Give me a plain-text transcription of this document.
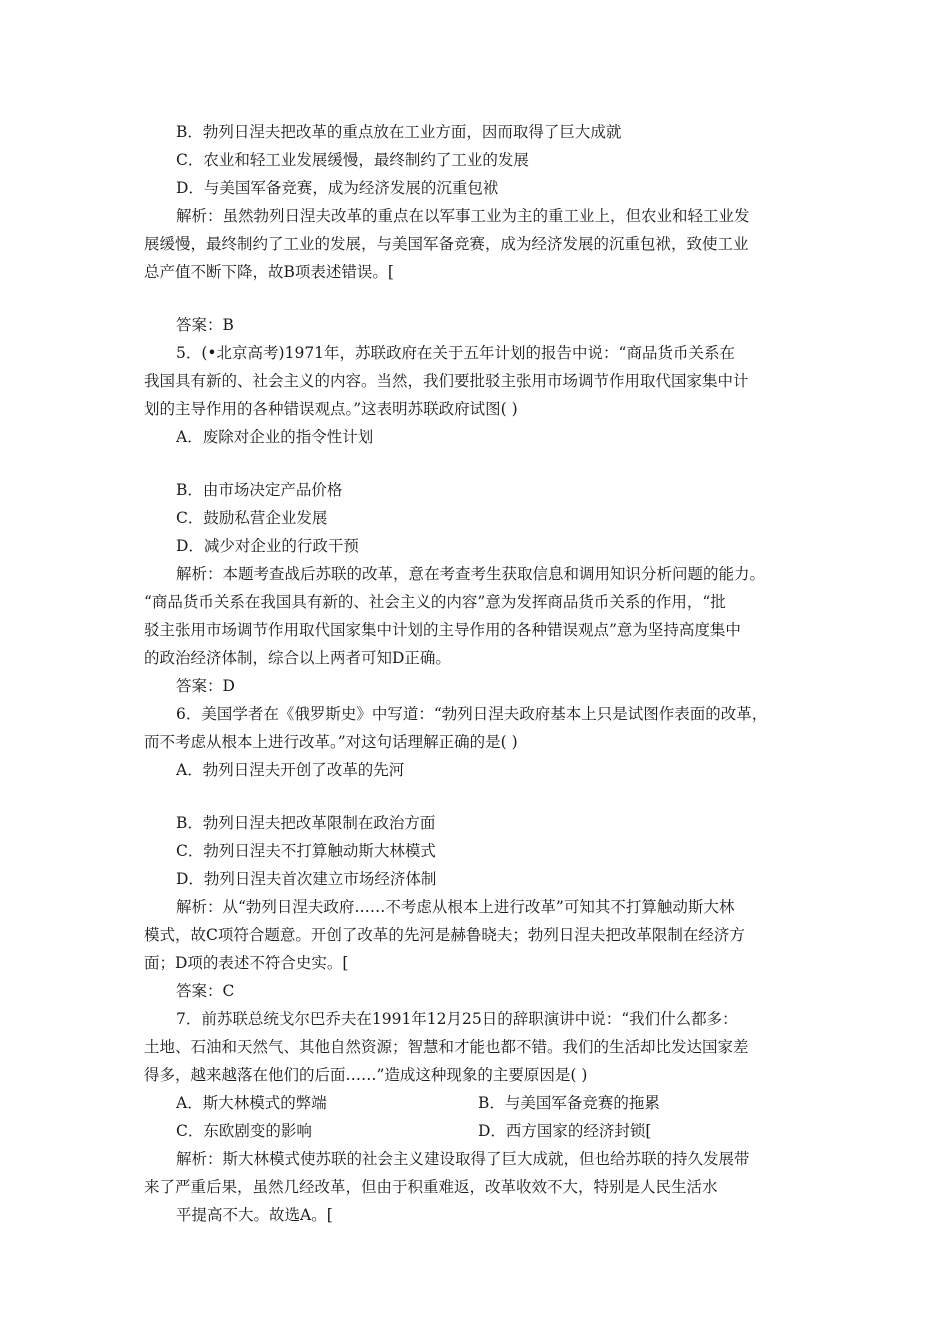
B．勃列日涅夫把改革的重点放在工业方面，因而取得了巨大成就
C．农业和轻工业发展缓慢，最终制约了工业的发展
D．与美国军备竞赛，成为经济发展的沉重包袱
解析：虽然勃列日涅夫改革的重点在以军事工业为主的重工业上，但农业和轻工业发
展缓慢，最终制约了工业的发展，与美国军备竞赛，成为经济发展的沉重包袱，致使工业
总产值不断下降，故B项表述错误。[
答案：B
5．(•北京高考)1971年，苏联政府在关于五年计划的报告中说：“商品货币关系在
我国具有新的、社会主义的内容。当然，我们要批驳主张用市场调节作用取代国家集中计
划的主导作用的各种错误观点。”这表明苏联政府试图( )
A．废除对企业的指令性计划
B．由市场决定产品价格
C．鼓励私营企业发展
D．减少对企业的行政干预
解析：本题考查战后苏联的改革，意在考查考生获取信息和调用知识分析问题的能力。
“商品货币关系在我国具有新的、社会主义的内容”意为发挥商品货币关系的作用，“批
驳主张用市场调节作用取代国家集中计划的主导作用的各种错误观点”意为坚持高度集中
的政治经济体制，综合以上两者可知D正确。
答案：D
6．美国学者在《俄罗斯史》中写道：“勃列日涅夫政府基本上只是试图作表面的改革，
而不考虑从根本上进行改革。”对这句话理解正确的是( )
A．勃列日涅夫开创了改革的先河
B．勃列日涅夫把改革限制在政治方面
C．勃列日涅夫不打算触动斯大林模式
D．勃列日涅夫首次建立市场经济体制
解析：从“勃列日涅夫政府……不考虑从根本上进行改革”可知其不打算触动斯大林
模式，故C项符合题意。开创了改革的先河是赫鲁晓夫；勃列日涅夫把改革限制在经济方
面；D项的表述不符合史实。[
答案：C
7．前苏联总统戈尔巴乔夫在1991年12月25日的辞职演讲中说：“我们什么都多：
土地、石油和天然气、其他自然资源；智慧和才能也都不错。我们的生活却比发达国家差
得多，越来越落在他们的后面……”造成这种现象的主要原因是( )
A．斯大林模式的弊端	B．与美国军备竞赛的拖累
C．东欧剧变的影响	D．西方国家的经济封锁[
解析：斯大林模式使苏联的社会主义建设取得了巨大成就，但也给苏联的持久发展带
来了严重后果，虽然几经改革，但由于积重难返，改革收效不大，特别是人民生活水
平提高不大。故选A。[
